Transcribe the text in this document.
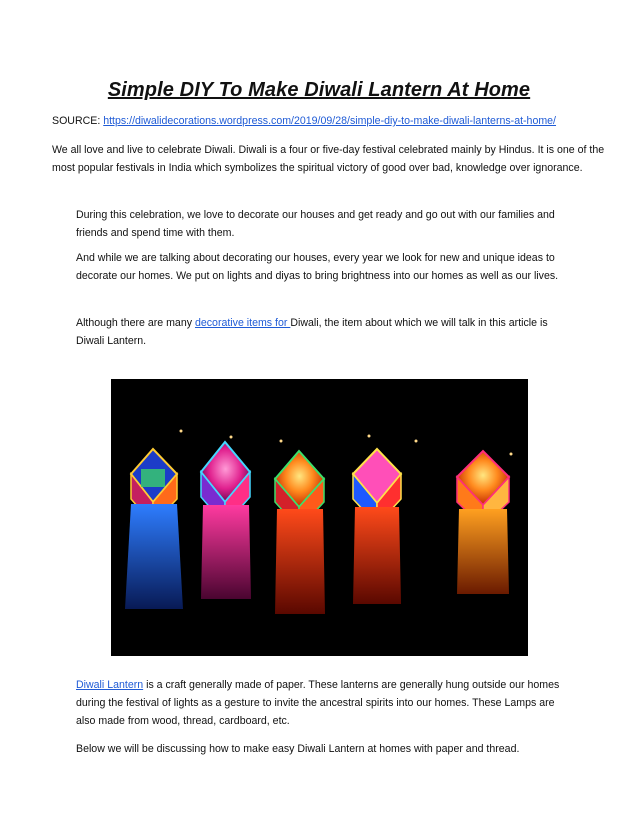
Simple DIY To Make Diwali Lantern At Home

SOURCE: https://diwalidecorations.wordpress.com/2019/09/28/simple-diy-to-make-diwali-lanterns-at-home/

We all love and live to celebrate Diwali. Diwali is a four or five-day festival celebrated mainly by Hindus. It is one of the most popular festivals in India which symbolizes the spiritual victory of good over bad, knowledge over ignorance.

During this celebration, we love to decorate our houses and get ready and go out with our families and friends and spend time with them.

And while we are talking about decorating our houses, every year we look for new and unique ideas to decorate our homes. We put on lights and diyas to bring brightness into our homes as well as our lives.

Although there are many decorative items for Diwali, the item about which we will talk in this article is Diwali Lantern.

Diwali Lantern is a craft generally made of paper. These lanterns are generally hung outside our homes during the festival of lights as a gesture to invite the ancestral spirits into our homes. These Lamps are also made from wood, thread, cardboard, etc.

Below we will be discussing how to make easy Diwali Lantern at homes with paper and thread.
